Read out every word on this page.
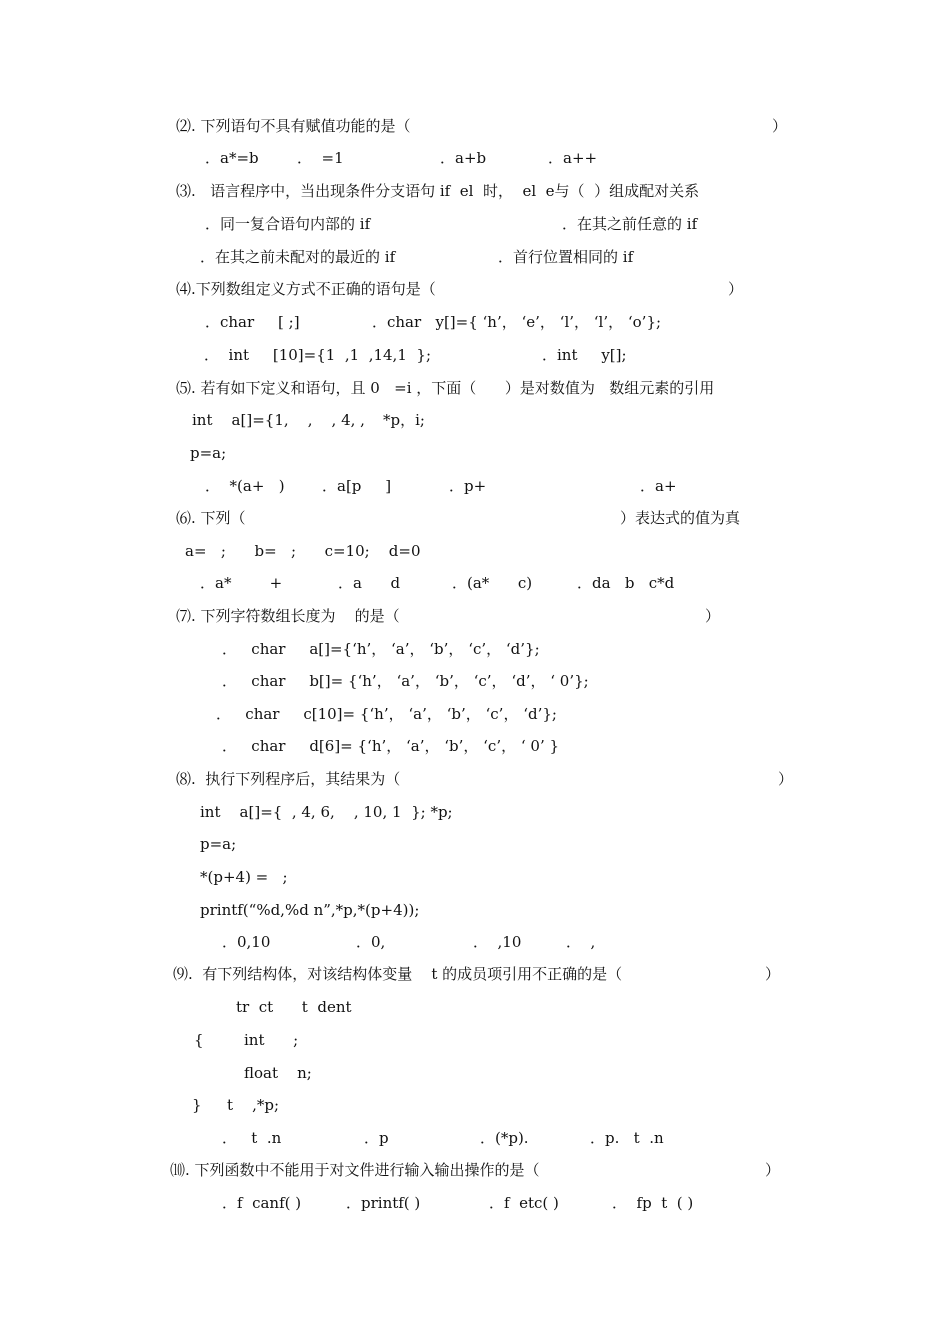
⑵. 下列语句不具有赋值功能的是（

	）

．a*=b

	．  =1

	．a+b

	．a++

⑶.   语言程序中，当出现条件分支语句 if  el  时，  el  e与（  ）组成配对关系

．同一复合语句内部的 if

	．在其之前任意的 if

．在其之前未配对的最近的 if

	．首行位置相同的 if

⑷.下列数组定义方式不正确的语句是（

	）

．char     [ ;]

	．char   y[]={ ‘h’， ‘e’， ‘l’， ‘l’， ‘o’};

．  int     [10]={1  ,1  ,14,1  };

	．int     y[];

⑸. 若有如下定义和语句，且 0   =i ，下面（      ）是对数值为   数组元素的引用

int    a[]={1,    ,    , 4, ,

*p，i;

p=a;

．  *(a+   )

．a[p     ]

	．p+

	．a+

⑹. 下列（

	）表达式的值为真

a=   ;      b=   ;      c=10;    d=0

．a*        +

	．a      d

	．(a*      c)

	．da   b   c*d

⑺. 下列字符数组长度为    的是（

	）

．   char     a[]={‘h’， ‘a’， ‘b’， ‘c’， ‘d’};

．   char     b[]= {‘h’， ‘a’， ‘b’， ‘c’， ‘d’， ‘ 0’};

．   char     c[10]= {‘h’， ‘a’， ‘b’， ‘c’， ‘d’};

．   char     d[6]= {‘h’， ‘a’， ‘b’， ‘c’， ‘ 0’ }

⑻.  执行下列程序后，其结果为（

	）

int    a[]={  , 4, 6,    , 10, 1  }; *p;

p=a;

*(p+4) =   ;

printf(“%d,%d n”,*p,*(p+4));

．0,10

	．0,

	．  ,10

	．  ,

⑼.  有下列结构体，对该结构体变量    t 的成员项引用不正确的是（

	）

tr  ct      t  dent

{

	int      ;

float    n;

}

t    ,*p;

．   t  .n

	．p

	．(*p).

	．p.   t  .n

⑽. 下列函数中不能用于对文件进行输入输出操作的是（

	）

．f  canf( )

	．printf( )

	．f  etc( )

	．  fp  t  ( )
